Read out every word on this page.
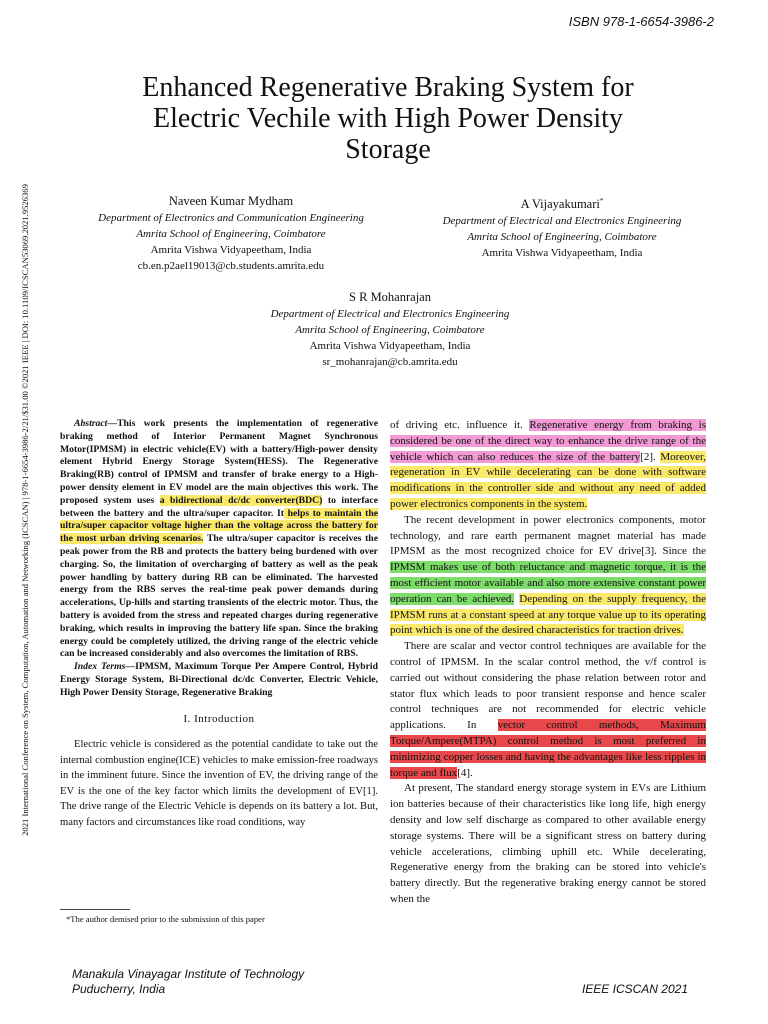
ISBN 978-1-6654-3986-2
2021 International Conference on System, Computation, Automation and Networking (ICSCAN) | 978-1-6654-3986-2/21/$31.00 ©2021 IEEE | DOI: 10.1109/ICSCAN53069.2021.9526369
Enhanced Regenerative Braking System for
Electric Vechile with High Power Density
Storage
Naveen Kumar Mydham
Department of Electronics and Communication Engineering
Amrita School of Engineering, Coimbatore
Amrita Vishwa Vidyapeetham, India
cb.en.p2ael19013@cb.students.amrita.edu
A Vijayakumari*
Department of Electrical and Electronics Engineering
Amrita School of Engineering, Coimbatore
Amrita Vishwa Vidyapeetham, India
S R Mohanrajan
Department of Electrical and Electronics Engineering
Amrita School of Engineering, Coimbatore
Amrita Vishwa Vidyapeetham, India
sr_mohanrajan@cb.amrita.edu

Abstract—This work presents the implementation of regenerative braking method of Interior Permanent Magnet Synchronous Motor(IPMSM) in electric vehicle(EV) with a battery/High-power density element Hybrid Energy Storage System(HESS). The Regenerative Braking(RB) control of IPMSM and transfer of brake energy to a High-power density element in EV model are the main objectives this work. The proposed system uses a bidirectional dc/dc converter(BDC) to interface between the battery and the ultra/super capacitor. It helps to maintain the ultra/super capacitor voltage higher than the voltage across the battery for the most urban driving scenarios. The ultra/super capacitor is receives the peak power from the RB and protects the battery being burdened with over charging. So, the limitation of overcharging of battery as well as the peak power handling by battery during RB can be eliminated. The harvested energy from the RBS serves the real-time peak power demands during accelerations, Up-hills and starting transients of the electric motor. Thus, the battery is avoided from the stress and repeated charges during regenerative braking, which results in improving the battery life span. Since the braking energy could be completely utilized, the driving range of the electric vehicle can be increased considerably and also overcomes the limitation of RBS.

Index Terms—IPMSM, Maximum Torque Per Ampere Control, Hybrid Energy Storage System, Bi-Directional dc/dc Converter, Electric Vehicle, High Power Density Storage, Regenerative Braking

I. Introduction

Electric vehicle is considered as the potential candidate to take out the internal combustion engine(ICE) vehicles to make emission-free roadways in the imminent future. Since the invention of EV, the driving range of the EV is the one of the key factor which limits the development of EV[1]. The drive range of the Electric Vehicle is depends on its battery a lot. But, many factors and circumstances like road conditions, way

*The author demised prior to the submission of this paper

of driving etc. influence it. Regenerative energy from braking is considered be one of the direct way to enhance the drive range of the vehicle which can also reduces the size of the battery[2]. Moreover, regeneration in EV while decelerating can be done with software modifications in the controller side and without any need of added power electronics components in the system.

The recent development in power electronics components, motor technology, and rare earth permanent magnet material has made IPMSM as the most recognized choice for EV drive[3]. Since the IPMSM makes use of both reluctance and magnetic torque, it is the most efficient motor available and also more extensive constant power operation can be achieved. Depending on the supply frequency, the IPMSM runs at a constant speed at any torque value up to its operating point which is one of the desired characteristics for traction drives.

There are scalar and vector control techniques are available for the control of IPMSM. In the scalar control method, the v/f control is carried out without considering the phase relation between rotor and stator flux which leads to poor transient response and hence scaler control techniques are not recommended for electric vehicle applications. In vector control methods, Maximum Torque/Ampere(MTPA) control method is most preferred in minimizing copper losses and having the advantages like less ripples in torque and flux[4].

At present, The standard energy storage system in EVs are Lithium ion batteries because of their characteristics like long life, high energy density and low self discharge as compared to other available energy storage systems. There will be a significant stress on battery during vehicle accelerations, climbing uphill etc. While decelerating, Regenerative energy from the braking can be stored into vehicle's battery directly. But the regenerative braking energy cannot be stored when the

Manakula Vinayagar Institute of Technology
Puducherry, India	IEEE ICSCAN 2021
